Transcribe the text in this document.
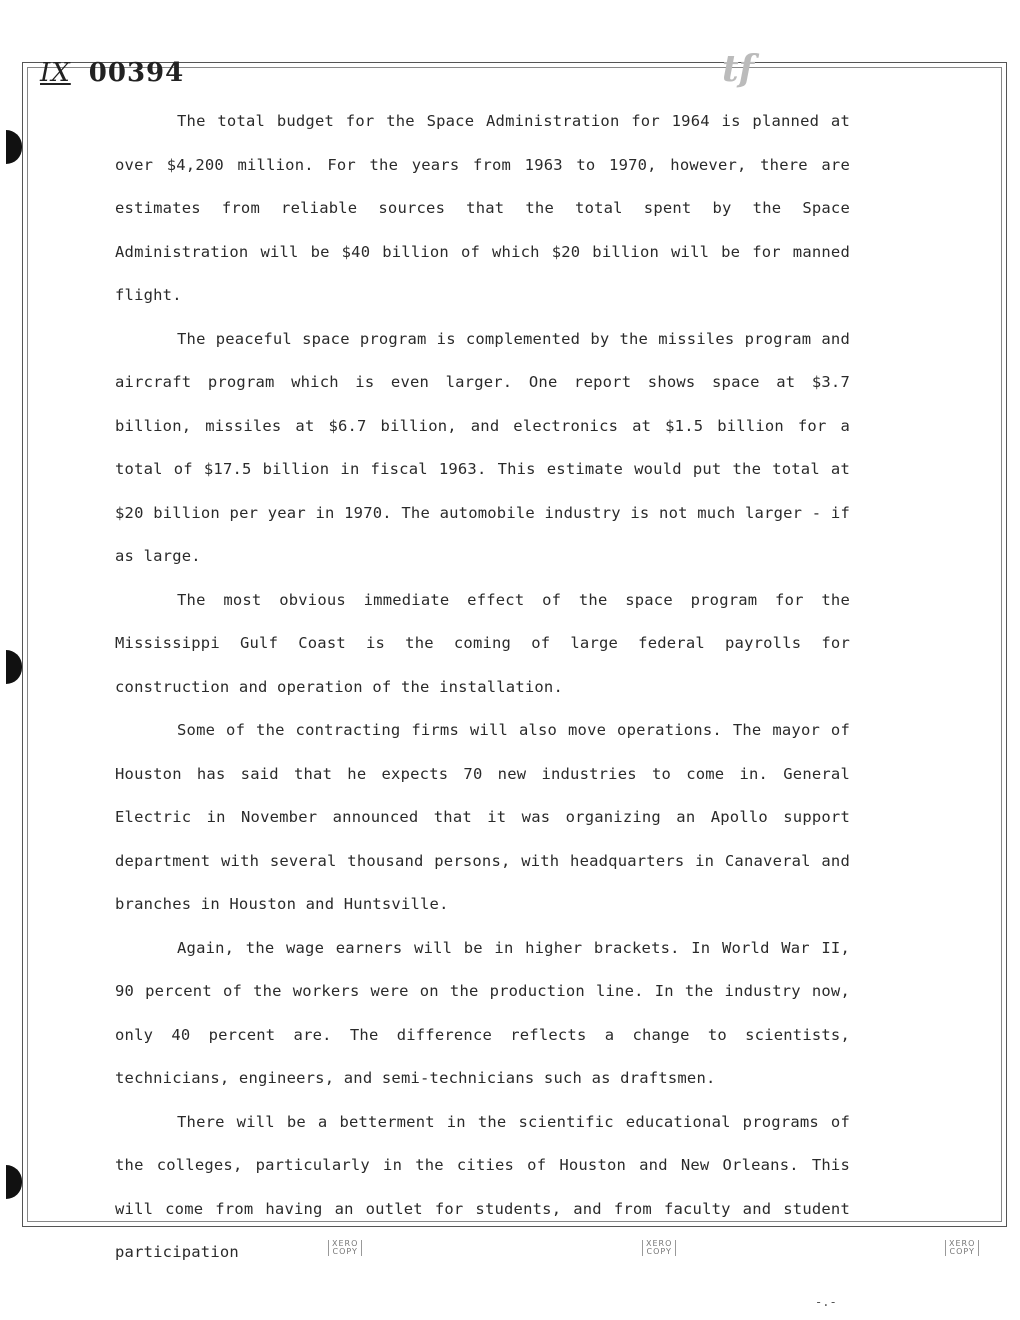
IX 00394	tf

The total budget for the Space Administration for 1964 is planned at over $4,200 million. For the years from 1963 to 1970, however, there are estimates from reliable sources that the total spent by the Space Administration will be $40 billion of which $20 billion will be for manned flight.

The peaceful space program is complemented by the missiles program and aircraft program which is even larger. One report shows space at $3.7 billion, missiles at $6.7 billion, and electronics at $1.5 billion for a total of $17.5 billion in fiscal 1963. This estimate would put the total at $20 billion per year in 1970. The automobile industry is not much larger - if as large.

The most obvious immediate effect of the space program for the Mississippi Gulf Coast is the coming of large federal payrolls for construction and operation of the installation.

Some of the contracting firms will also move operations. The mayor of Houston has said that he expects 70 new industries to come in. General Electric in November announced that it was organizing an Apollo support department with several thousand persons, with headquarters in Canaveral and branches in Houston and Huntsville.

Again, the wage earners will be in higher brackets. In World War II, 90 percent of the workers were on the production line. In the industry now, only 40 percent are. The difference reflects a change to scientists, technicians, engineers, and semi-technicians such as draftsmen.

There will be a betterment in the scientific educational programs of the colleges, particularly in the cities of Houston and New Orleans. This will come from having an outlet for students, and from faculty and student participation	XERO
COPY
XERO
COPY
XERO
COPY
-.-
